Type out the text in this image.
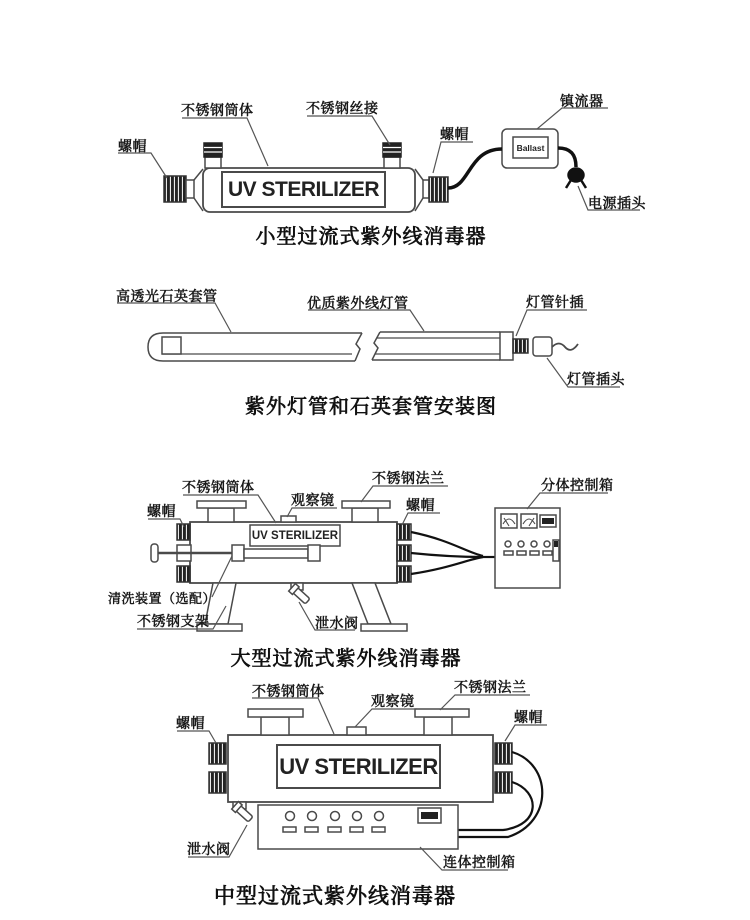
螺帽
不锈钢筒体	不锈钢丝接
螺帽
镇流器
电源插头
UV STERILIZER
Ballast
小型过流式紫外线消毒器
高透光石英套管	优质紫外线灯管	灯管针插
灯管插头
紫外灯管和石英套管安装图
螺帽
不锈钢筒体
观察镜
不锈钢法兰
螺帽
分体控制箱
清洗装置（选配）
不锈钢支架	泄水阀
UV STERILIZER
大型过流式紫外线消毒器
螺帽
不锈钢筒体
观察镜
不锈钢法兰
螺帽
泄水阀
连体控制箱
UV STERILIZER
中型过流式紫外线消毒器
